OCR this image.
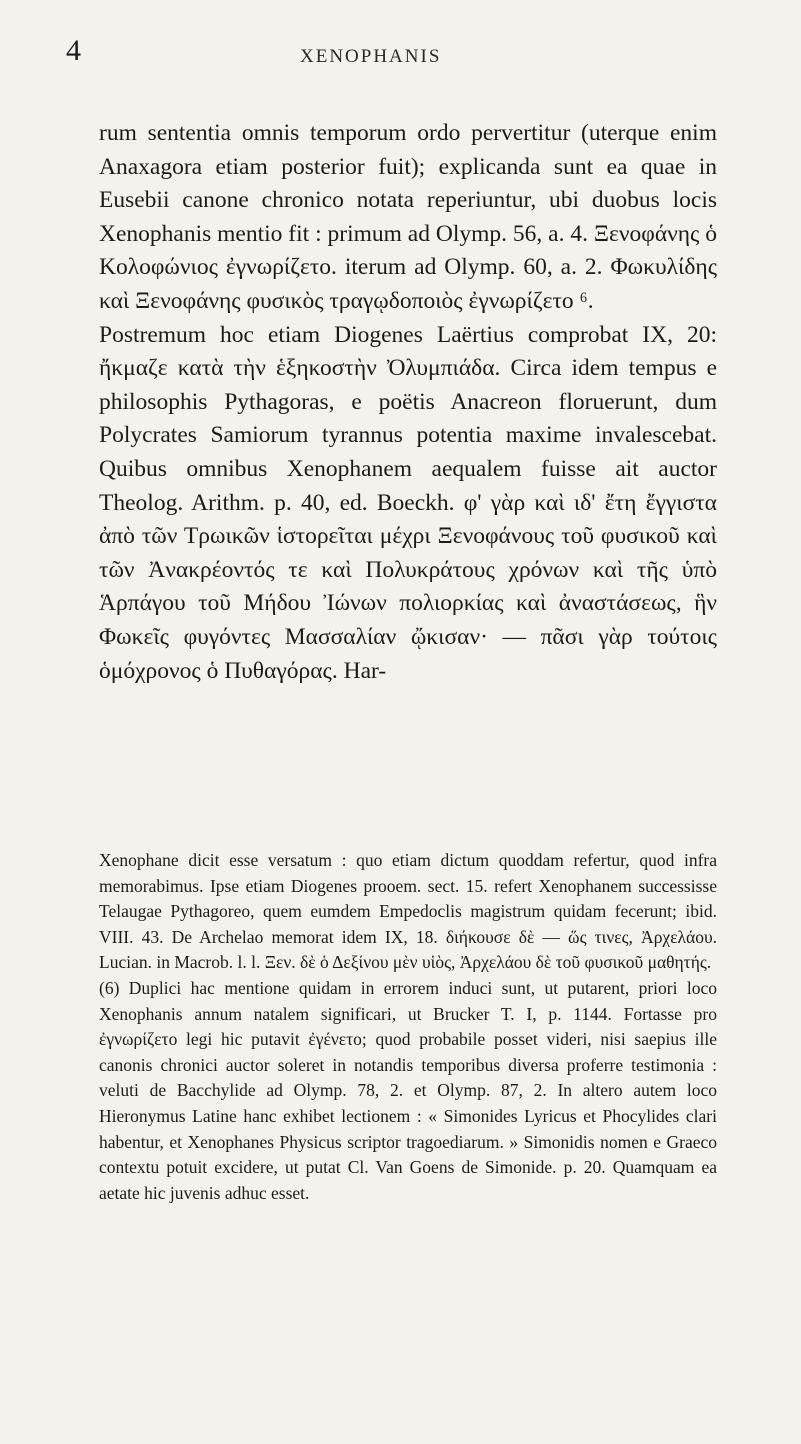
4	XENOPHANIS

rum sententia omnis temporum ordo pervertitur (uterque enim Anaxagora etiam posterior fuit); explicanda sunt ea quae in Eusebii canone chronico notata reperiuntur, ubi duobus locis Xenophanis mentio fit : primum ad Olymp. 56, a. 4. Ξενοφάνης ὁ Κολοφώνιος ἐγνωρίζετο. iterum ad Olymp. 60, a. 2. Φωκυλίδης καὶ Ξενοφάνης φυσικὸς τραγῳδοποιὸς ἐγνωρίζετο ⁶.

Postremum hoc etiam Diogenes Laërtius comprobat IX, 20: ἤκμαζε κατὰ τὴν ἑξηκοστὴν Ὀλυμπιάδα. Circa idem tempus e philosophis Pythagoras, e poëtis Anacreon floruerunt, dum Polycrates Samiorum tyrannus potentia maxime invalescebat. Quibus omnibus Xenophanem aequalem fuisse ait auctor Theolog. Arithm. p. 40, ed. Boeckh. φ' γὰρ καὶ ιδ' ἔτη ἔγγιστα ἀπὸ τῶν Τρωικῶν ἱστορεῖται μέχρι Ξενοφάνους τοῦ φυσικοῦ καὶ τῶν Ἀνακρέοντός τε καὶ Πολυκράτους χρόνων καὶ τῆς ὑπὸ Ἁρπάγου τοῦ Μήδου Ἰώνων πολιορκίας καὶ ἀναστάσεως, ἣν Φωκεῖς φυγόντες Μασσαλίαν ᾤκισαν· — πᾶσι γὰρ τούτοις ὁμόχρονος ὁ Πυθαγόρας. Har-

Xenophane dicit esse versatum : quo etiam dictum quoddam refertur, quod infra memorabimus. Ipse etiam Diogenes prooem. sect. 15. refert Xenophanem successisse Telaugae Pythagoreo, quem eumdem Empedoclis magistrum quidam fecerunt; ibid. VIII. 43. De Archelao memorat idem IX, 18. διήκουσε δὲ — ὥς τινες, Ἀρχελάου. Lucian. in Macrob. l. l. Ξεν. δὲ ὁ Δεξίνου μὲν υἱὸς, Ἀρχελάου δὲ τοῦ φυσικοῦ μαθητής.

(6) Duplici hac mentione quidam in errorem induci sunt, ut putarent, priori loco Xenophanis annum natalem significari, ut Brucker T. I, p. 1144. Fortasse pro ἐγνωρίζετο legi hic putavit ἐγένετο; quod probabile posset videri, nisi saepius ille canonis chronici auctor soleret in notandis temporibus diversa proferre testimonia : veluti de Bacchylide ad Olymp. 78, 2. et Olymp. 87, 2. In altero autem loco Hieronymus Latine hanc exhibet lectionem : « Simonides Lyricus et Phocylides clari habentur, et Xenophanes Physicus scriptor tragoediarum. » Simonidis nomen e Graeco contextu potuit excidere, ut putat Cl. Van Goens de Simonide. p. 20. Quamquam ea aetate hic juvenis adhuc esset.
